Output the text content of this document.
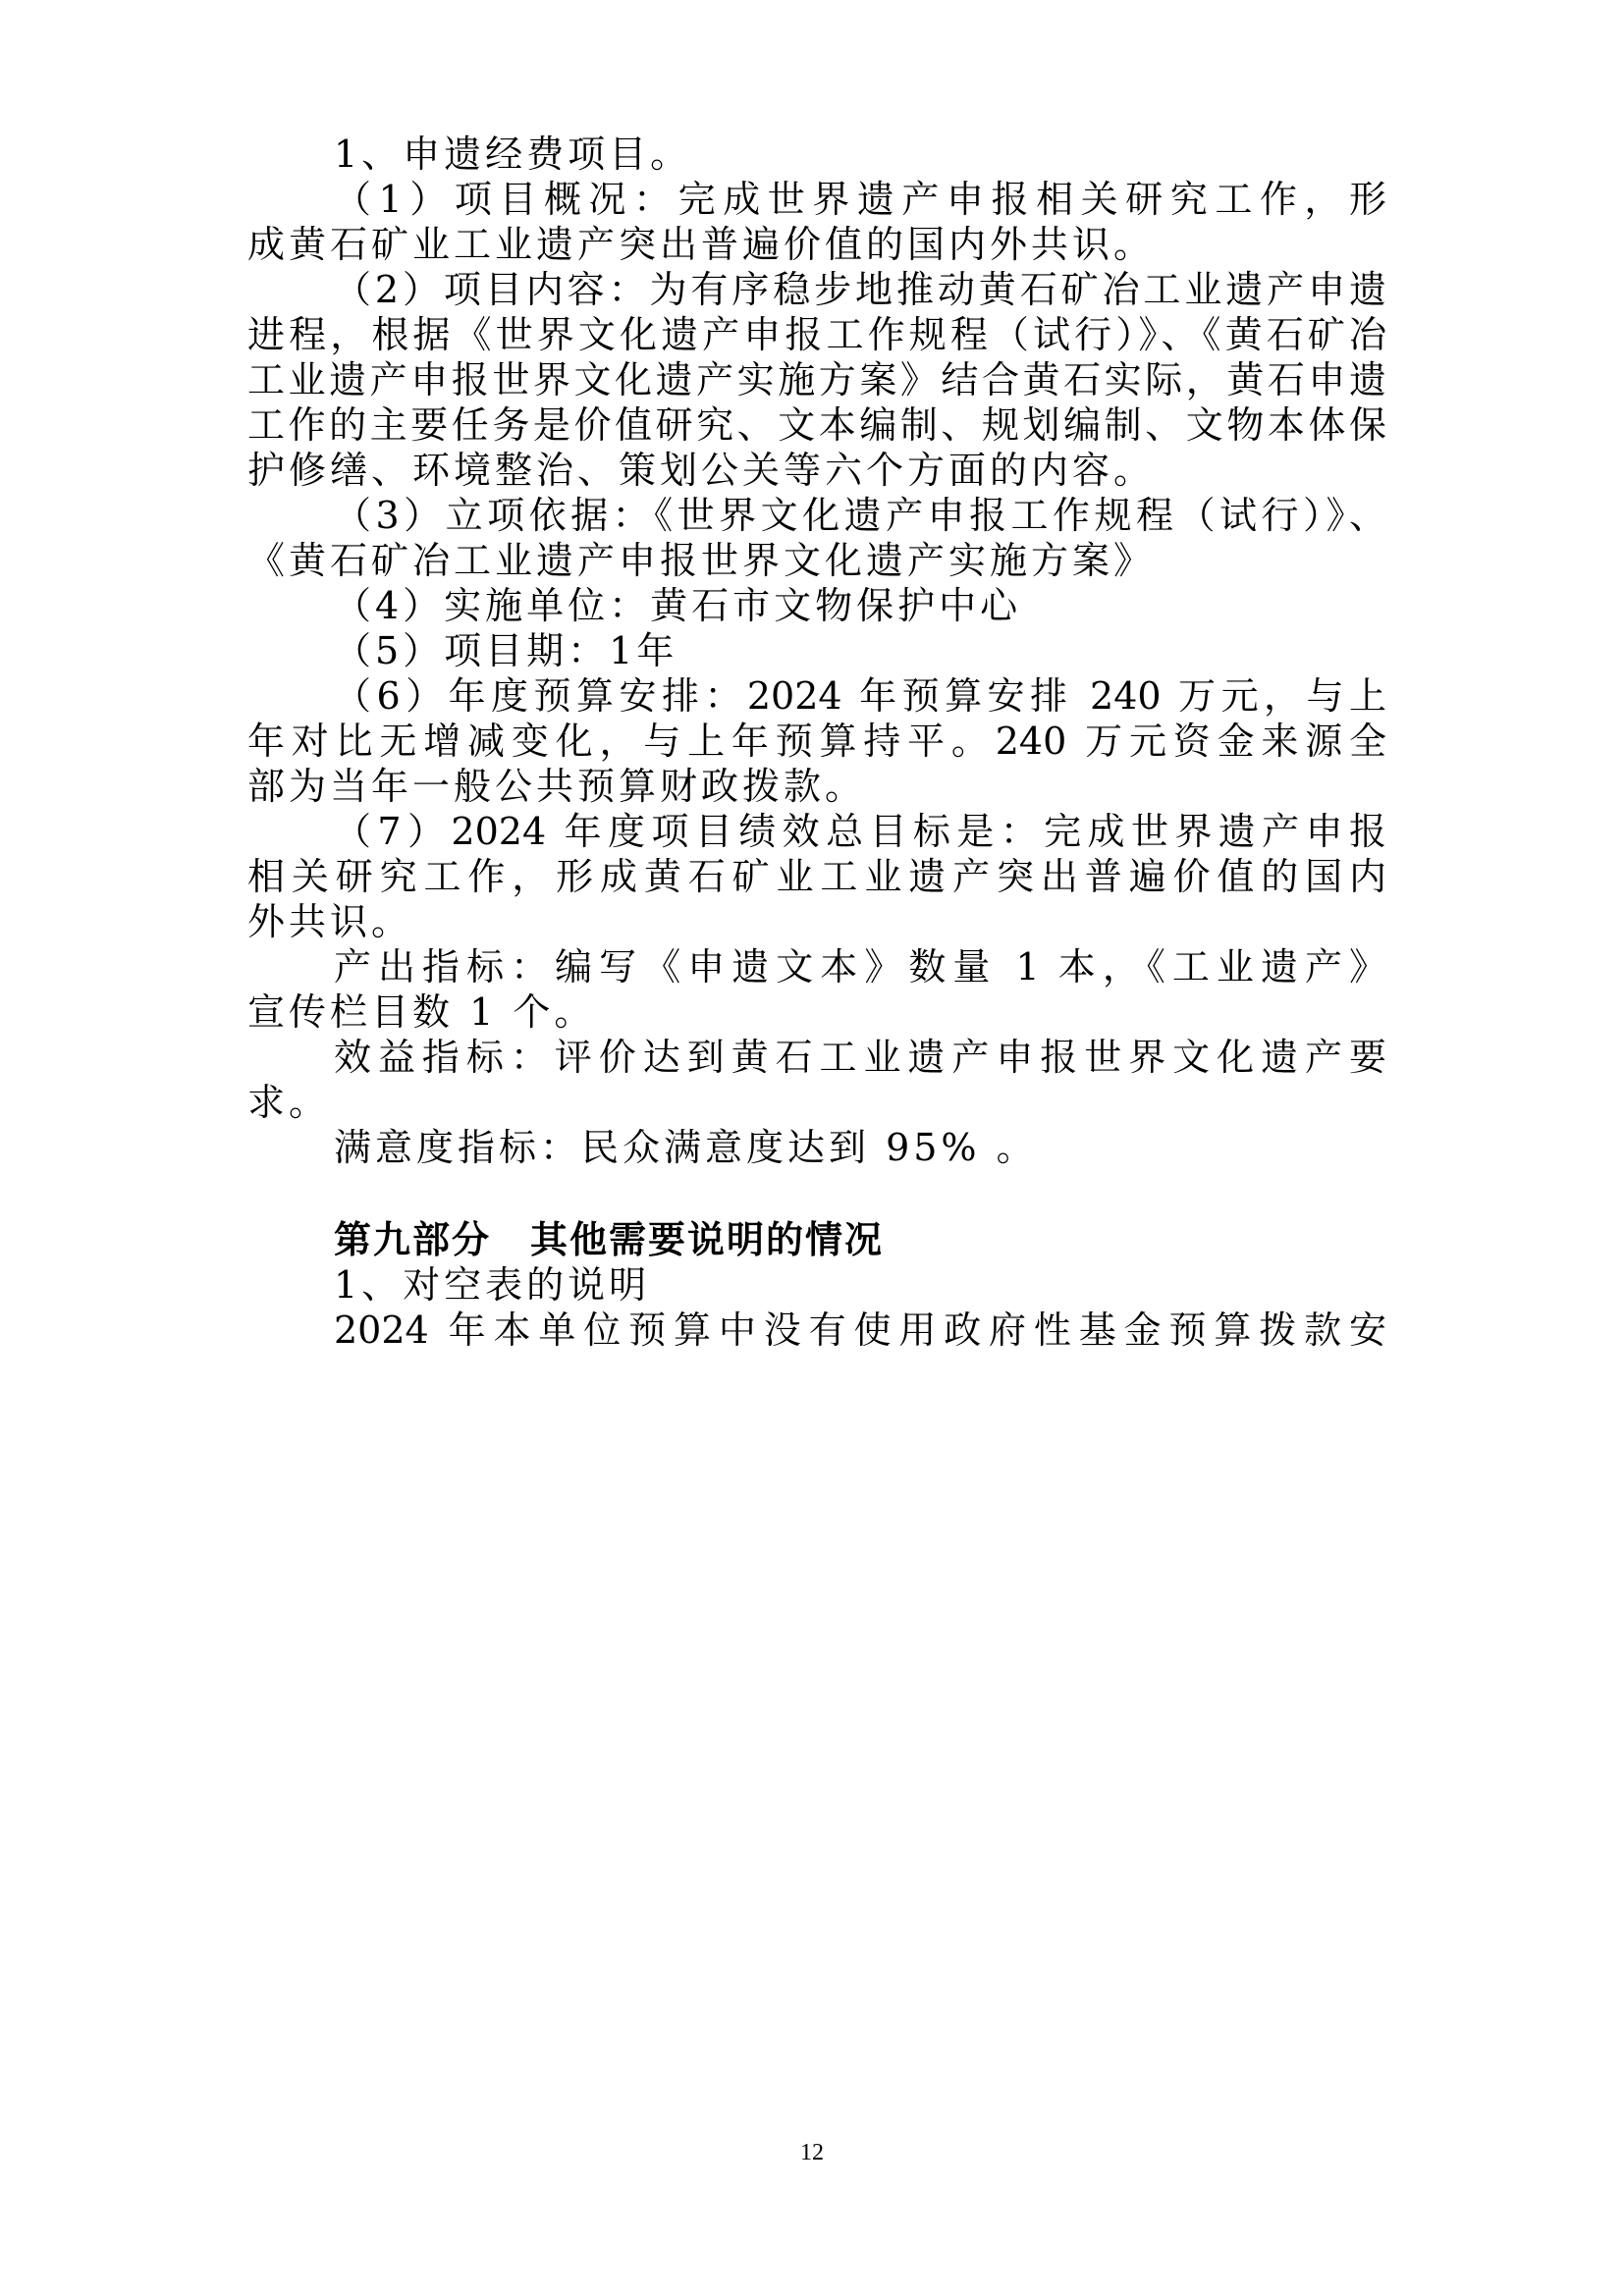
1、申遗经费项目。
（1）项目概况：完成世界遗产申报相关研究工作，形
成黄石矿业工业遗产突出普遍价值的国内外共识。
（2）项目内容：为有序稳步地推动黄石矿冶工业遗产申遗
进程，根据《世界文化遗产申报工作规程（试行）》、《黄石矿冶
工业遗产申报世界文化遗产实施方案》结合黄石实际，黄石申遗
工作的主要任务是价值研究、文本编制、规划编制、文物本体保
护修缮、环境整治、策划公关等六个方面的内容。
（3）立项依据：《世界文化遗产申报工作规程（试行）》、
《黄石矿冶工业遗产申报世界文化遗产实施方案》
（4）实施单位：黄石市文物保护中心
（5）项目期：1年
（6）年度预算安排：2024 年预算安排 240 万元，与上
年对比无增减变化，与上年预算持平。240 万元资金来源全
部为当年一般公共预算财政拨款。
（7）2024 年度项目绩效总目标是：完成世界遗产申报
相关研究工作，形成黄石矿业工业遗产突出普遍价值的国内
外共识。
产出指标：编写《申遗文本》数量 1 本，《工业遗产》
宣传栏目数 1 个。
效益指标：评价达到黄石工业遗产申报世界文化遗产要
求。
满意度指标：民众满意度达到 95% 。
第九部分　其他需要说明的情况
1、对空表的说明
2024 年本单位预算中没有使用政府性基金预算拨款安
12
